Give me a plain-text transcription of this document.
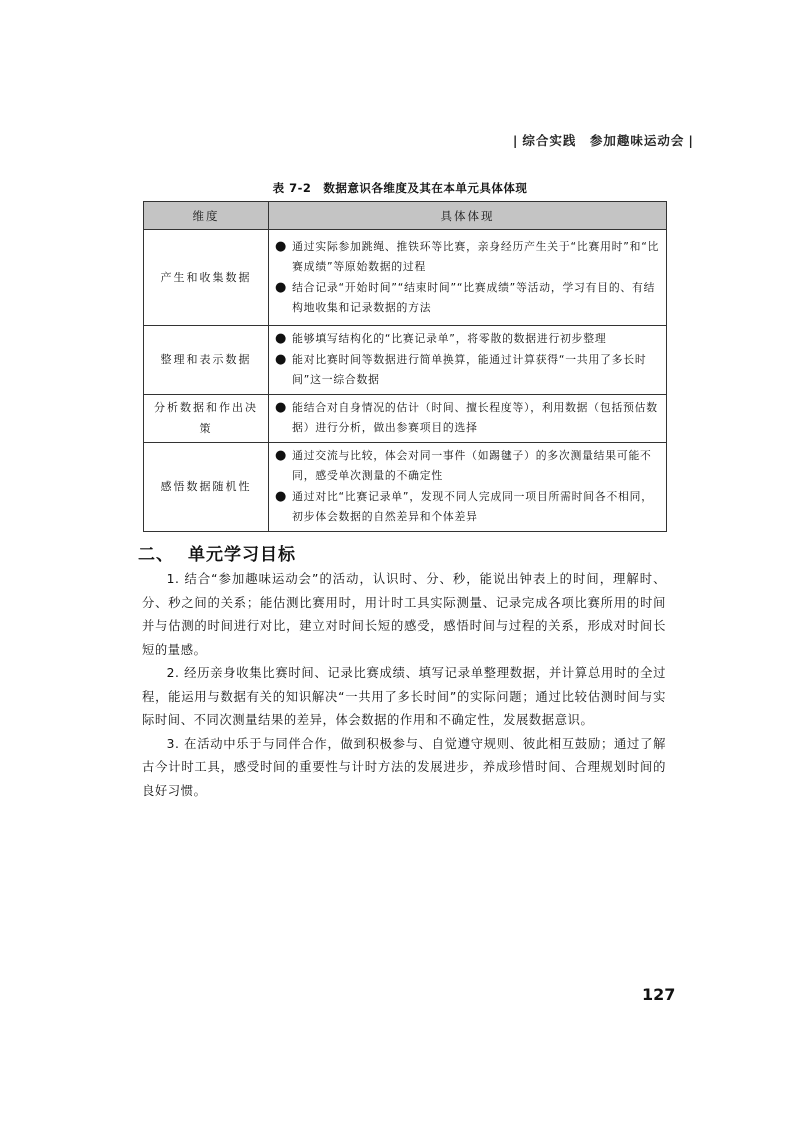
| 综合实践　参加趣味运动会 |
表 7-2　数据意识各维度及其在本单元具体体现
维度	具体体现
产生和收集数据	● 通过实际参加跳绳、推铁环等比赛，亲身经历产生关于“比赛用时”和“比赛成绩”等原始数据的过程
● 结合记录“开始时间”“结束时间”“比赛成绩”等活动，学习有目的、有结构地收集和记录数据的方法

整理和表示数据	● 能够填写结构化的“比赛记录单”，将零散的数据进行初步整理
● 能对比赛时间等数据进行简单换算，能通过计算获得“一共用了多长时间”这一综合数据

分析数据和作出决策	● 能结合对自身情况的估计（时间、擅长程度等），利用数据（包括预估数据）进行分析，做出参赛项目的选择

感悟数据随机性	● 通过交流与比较，体会对同一事件（如踢毽子）的多次测量结果可能不同，感受单次测量的不确定性
● 通过对比“比赛记录单”，发现不同人完成同一项目所需时间各不相同，初步体会数据的自然差异和个体差异
二、 单元学习目标

1. 结合“参加趣味运动会”的活动，认识时、分、秒，能说出钟表上的时间，理解时、分、秒之间的关系；能估测比赛用时，用计时工具实际测量、记录完成各项比赛所用的时间并与估测的时间进行对比，建立对时间长短的感受，感悟时间与过程的关系，形成对时间长短的量感。

2. 经历亲身收集比赛时间、记录比赛成绩、填写记录单整理数据，并计算总用时的全过程，能运用与数据有关的知识解决“一共用了多长时间”的实际问题；通过比较估测时间与实际时间、不同次测量结果的差异，体会数据的作用和不确定性，发展数据意识。

3. 在活动中乐于与同伴合作，做到积极参与、自觉遵守规则、彼此相互鼓励；通过了解古今计时工具，感受时间的重要性与计时方法的发展进步，养成珍惜时间、合理规划时间的良好习惯。

127
